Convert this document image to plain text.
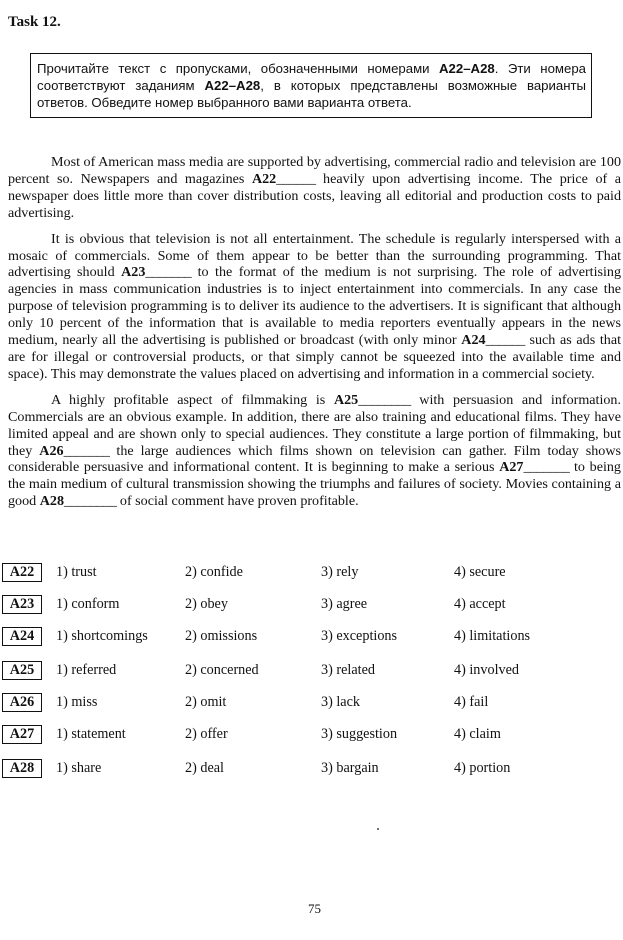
Task 12.
Прочитайте текст с пропусками, обозначенными номерами A22–A28. Эти номера соответствуют заданиям A22–A28, в которых представлены возможные варианты ответов. Обведите номер выбранного вами варианта ответа.

Most of American mass media are supported by advertising, commercial radio and television are 100 percent so. Newspapers and magazines A22______ heavily upon advertising income. The price of a newspaper does little more than cover distribution costs, leaving all editorial and production costs to paid advertising.

It is obvious that television is not all entertainment. The schedule is regularly interspersed with a mosaic of commercials. Some of them appear to be better than the surrounding programming. That advertising should A23_______ to the format of the medium is not surprising. The role of advertising agencies in mass communication industries is to inject entertainment into commercials. In any case the purpose of television programming is to deliver its audience to the advertisers. It is significant that although only 10 percent of the information that is available to media reporters eventually appears in the news medium, nearly all the advertising is published or broadcast (with only minor A24______ such as ads that are for illegal or controversial products, or that simply cannot be squeezed into the available time and space). This may demonstrate the values placed on advertising and information in a commercial society.

A highly profitable aspect of filmmaking is A25________ with persuasion and information. Commercials are an obvious example. In addition, there are also training and educational films. They have limited appeal and are shown only to special audiences. They constitute a large portion of filmmaking, but they A26_______ the large audiences which films shown on television can gather. Film today shows considerable persuasive and informational content. It is beginning to make a serious A27_______ to being the main medium of cultural transmission showing the triumphs and failures of society. Movies containing a good A28________ of social comment have proven profitable.

A22	1) trust	2) confide	3) rely	4) secure
A23	1) conform	2) obey	3) agree	4) accept
A24	1) shortcomings	2) omissions	3) exceptions	4) limitations
A25	1) referred	2) concerned	3) related	4) involved
A26	1) miss	2) omit	3) lack	4) fail
A27	1) statement	2) offer	3) suggestion	4) claim
A28	1) share	2) deal	3) bargain	4) portion
75
